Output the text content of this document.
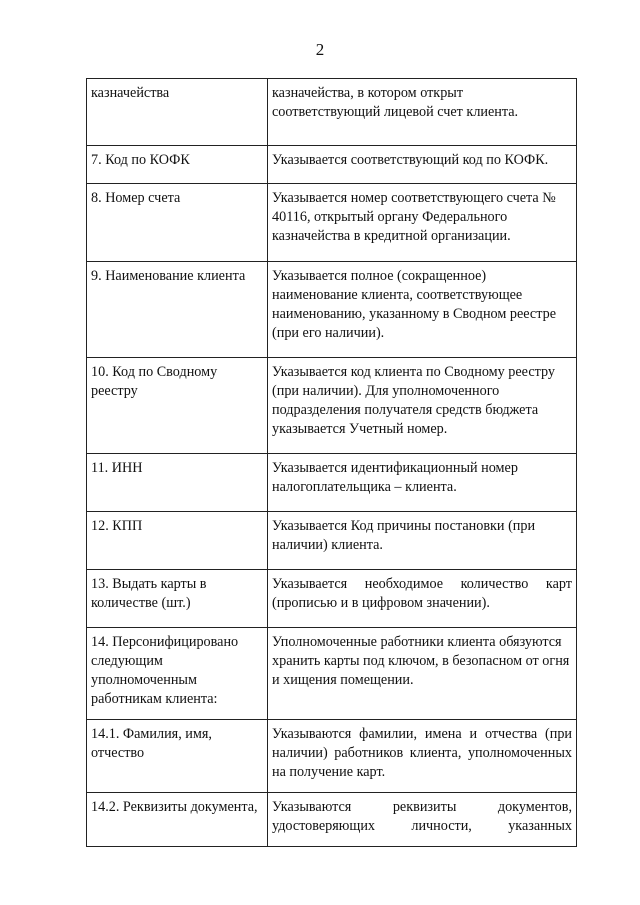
2
казначейства	казначейства, в котором открыт соответствующий лицевой счет клиента.
7. Код по КОФК	Указывается соответствующий код по КОФК.
8. Номер счета	Указывается номер соответствующего счета № 40116, открытый органу Федерального казначейства в кредитной организации.
9. Наименование клиента	Указывается полное (сокращенное) наименование клиента, соответствующее наименованию, указанному в Сводном реестре (при его наличии).
10. Код по Сводному реестру	Указывается код клиента по Сводному реестру (при наличии). Для уполномоченного подразделения получателя средств бюджета указывается Учетный номер.
11. ИНН	Указывается идентификационный номер налогоплательщика – клиента.
12. КПП	Указывается Код причины постановки (при наличии) клиента.
13. Выдать карты в количестве (шт.)	Указывается необходимое количество карт (прописью и в цифровом значении).
14. Персонифицировано следующим уполномоченным работникам клиента:	Уполномоченные работники клиента обязуются хранить карты под ключом, в безопасном от огня и хищения помещении.
14.1. Фамилия, имя, отчество	Указываются фамилии, имена и отчества (при наличии) работников клиента, уполномоченных на получение карт.
14.2. Реквизиты документа,	Указываются реквизиты документов, удостоверяющих личности, указанных
